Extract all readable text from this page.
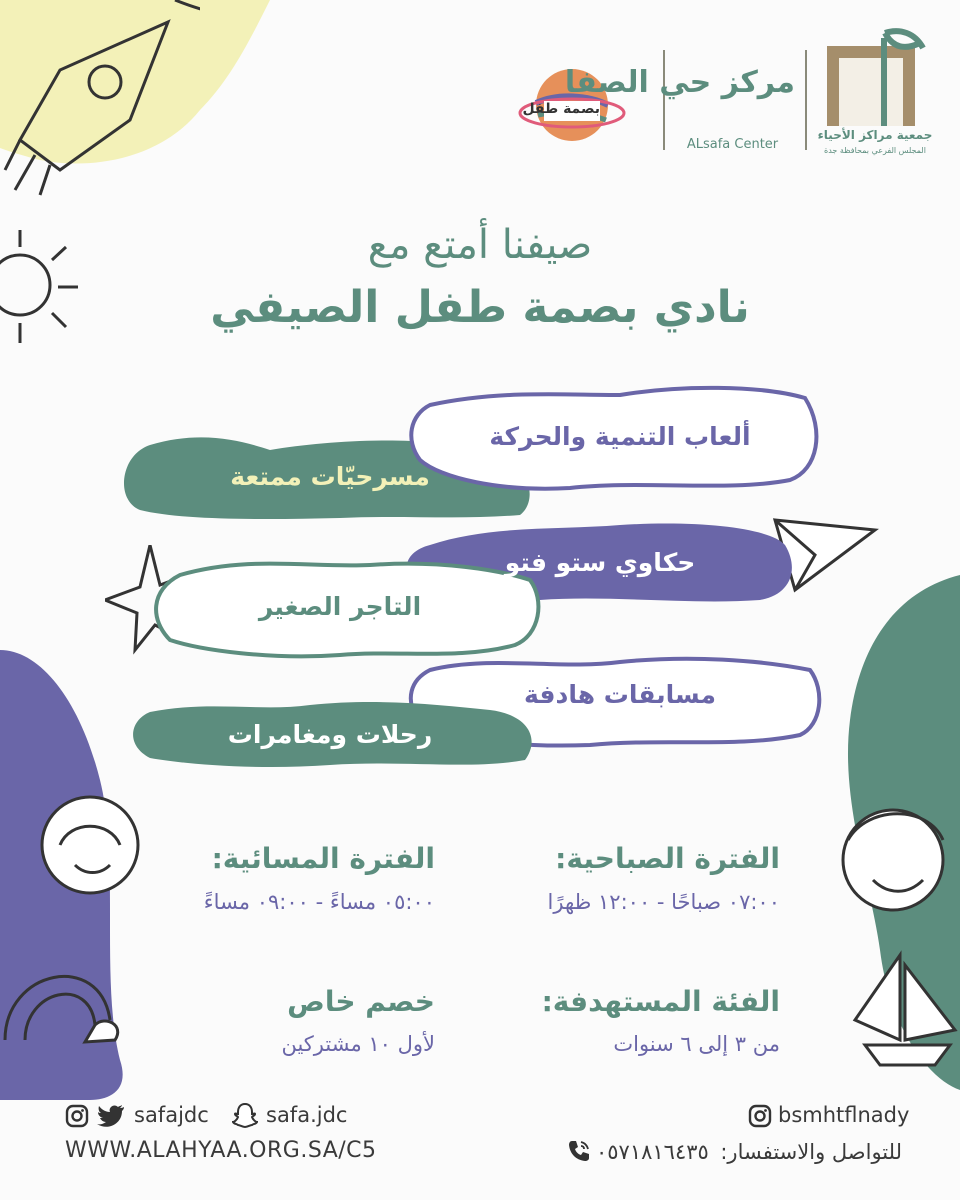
بصمة طفل
مركز حي الصفا
ALsafa Center
جمعية مراكز الأحياء
المجلس الفرعي بمحافظة جدة
صيفنا أمتع مع
نادي بصمة طفل الصيفي
ألعاب التنمية والحركة
مسرحيّات ممتعة
حكاوي ستو فتو
التاجر الصغير
مسابقات هادفة
رحلات ومغامرات
الفترة الصباحية:
٠٧:٠٠ صباحًا - ١٢:٠٠ ظهرًا
الفترة المسائية:
٠٥:٠٠ مساءً - ٠٩:٠٠ مساءً
الفئة المستهدفة:
من ٣ إلى ٦ سنوات
خصم خاص
لأول ١٠ مشتركين
safajdc	safa.jdc
WWW.ALAHYAA.ORG.SA/C5
bsmhtflnady
٠٥٧١٨١٦٤٣٥ للتواصل والاستفسار:
